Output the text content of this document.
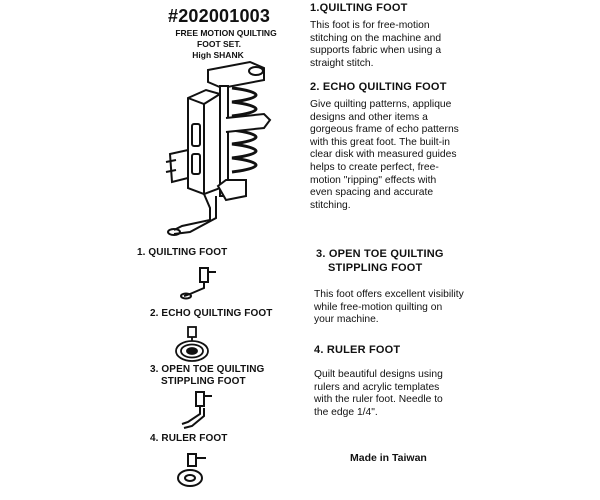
#202001003
FREE MOTION QUILTING
FOOT SET.
High SHANK
1. QUILTING FOOT
2. ECHO QUILTING FOOT
3. OPEN TOE QUILTING
STIPPLING FOOT
4. RULER FOOT
1.QUILTING FOOT
This foot is for free-motion stitching on the machine and supports fabric when using a straight stitch.
2. ECHO QUILTING FOOT
Give quilting patterns, applique designs and other items a gorgeous frame of echo patterns with this great foot. The built-in clear disk with measured guides helps to create perfect, free-motion "ripping" effects with even spacing and accurate stitching.
3. OPEN TOE QUILTING
STIPPLING FOOT
This foot offers excellent visibility while free-motion quilting on your machine.
4. RULER FOOT
Quilt beautiful designs using rulers and acrylic templates with the ruler foot. Needle to the edge 1/4".
Made in Taiwan
